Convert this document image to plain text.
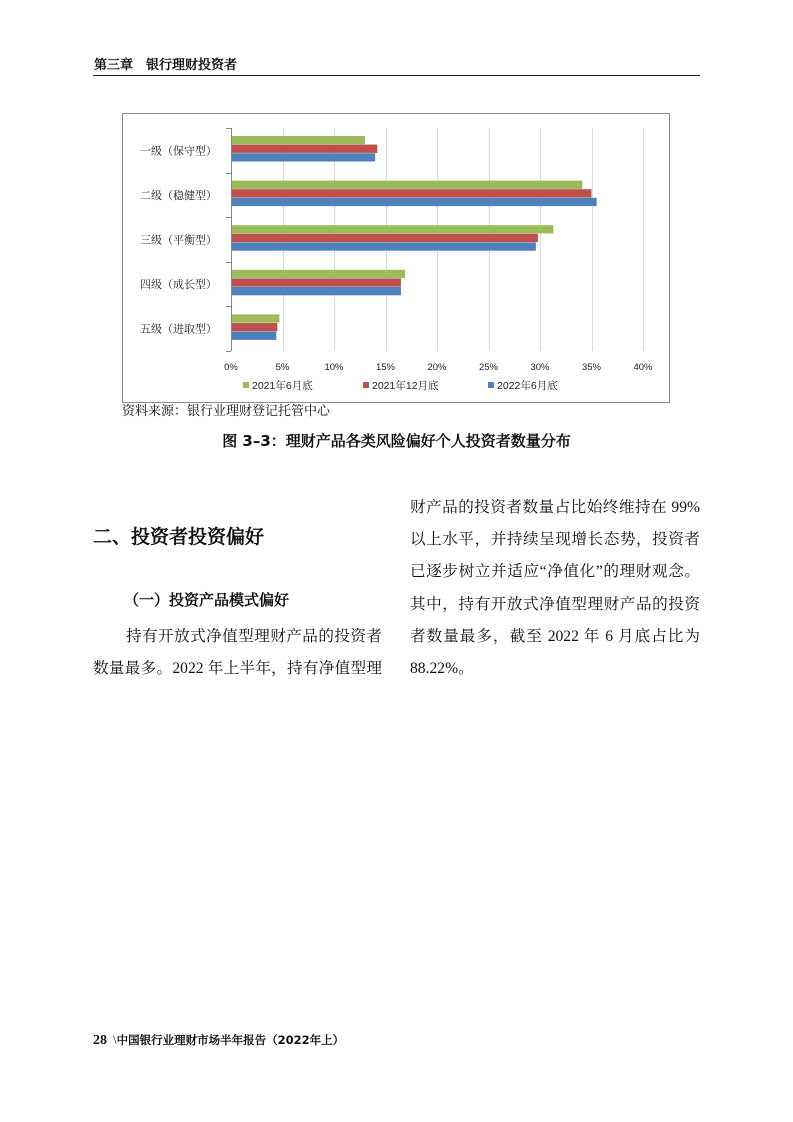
第三章　银行理财投资者
0%	5%	10%	15%	20%	25%	30%	35%	40%
一级（保守型）
二级（稳健型）
三级（平衡型）
四级（成长型）
五级（进取型）
2021年6月底	2021年12月底	2022年6月底
资料来源：银行业理财登记托管中心
图 3–3：理财产品各类风险偏好个人投资者数量分布
二、投资者投资偏好
（一）投资产品模式偏好
持有开放式净值型理财产品的投资者
数量最多。2022 年上半年，持有净值型理
财产品的投资者数量占比始终维持在 99%
以上水平，并持续呈现增长态势，投资者
已逐步树立并适应“净值化”的理财观念。
其中，持有开放式净值型理财产品的投资
者数量最多，截至 2022 年 6 月底占比为
88.22%。
28 \ 中国银行业理财市场半年报告（2022年上）
